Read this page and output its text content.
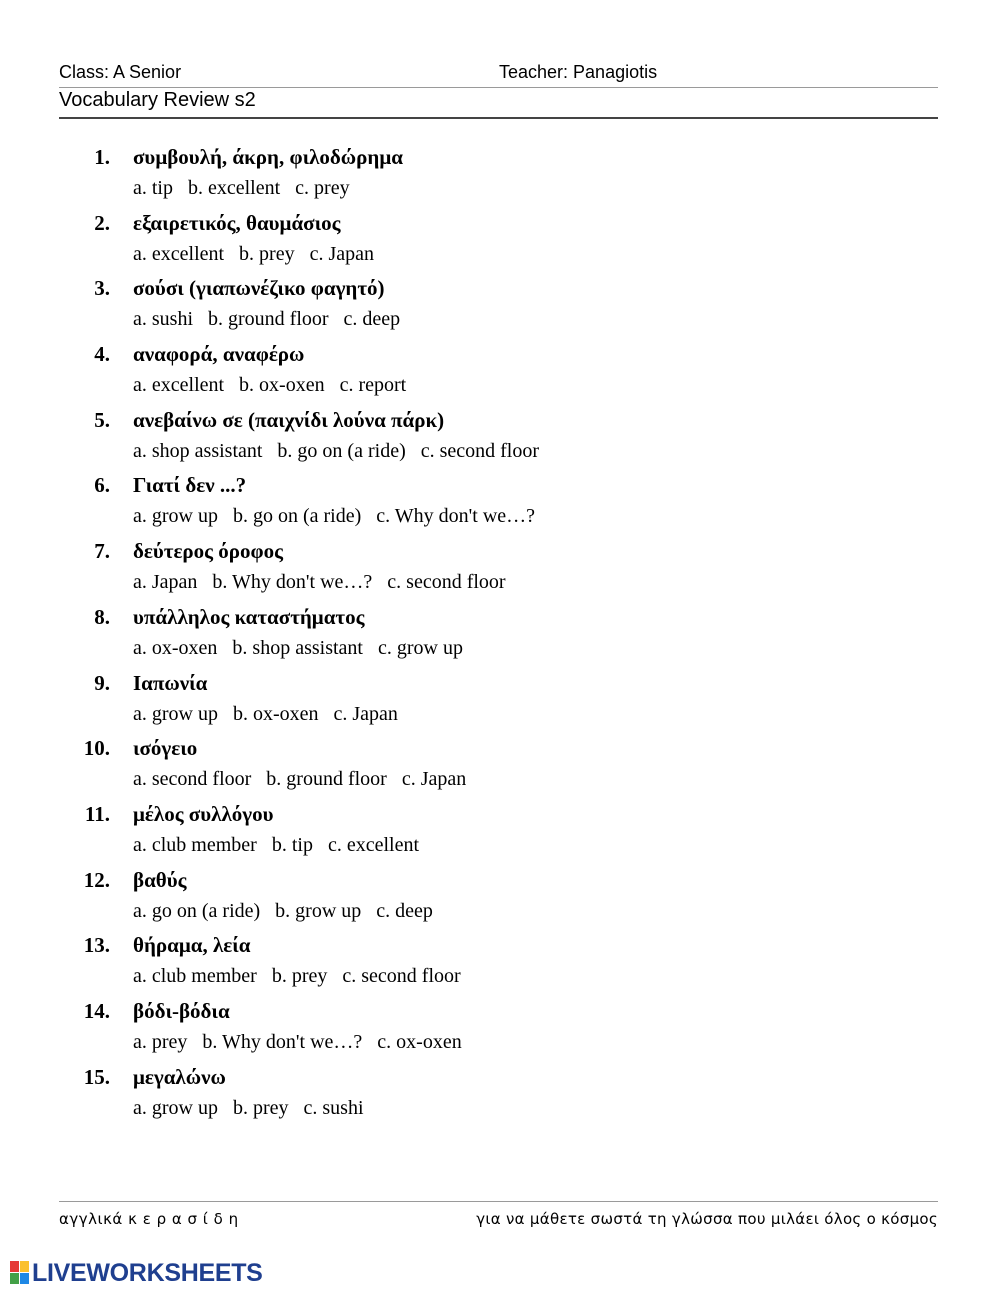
Class: A Senior	Teacher: Panagiotis
Vocabulary Review s2
1. συμβουλή, άκρη, φιλοδώρημα
a. tip   b. excellent   c. prey
2. εξαιρετικός, θαυμάσιος
a. excellent   b. prey   c. Japan
3. σούσι (γιαπωνέζικο φαγητό)
a. sushi   b. ground floor   c. deep
4. αναφορά, αναφέρω
a. excellent   b. ox-oxen   c. report
5. ανεβαίνω σε (παιχνίδι λούνα πάρκ)
a. shop assistant   b. go on (a ride)   c. second floor
6. Γιατί δεν ...?
a. grow up   b. go on (a ride)   c. Why don't we…?
7. δεύτερος όροφος
a. Japan   b. Why don't we…?   c. second floor
8. υπάλληλος καταστήματος
a. ox-oxen   b. shop assistant   c. grow up
9. Ιαπωνία
a. grow up   b. ox-oxen   c. Japan
10. ισόγειο
a. second floor   b. ground floor   c. Japan
11. μέλος συλλόγου
a. club member   b. tip   c. excellent
12. βαθύς
a. go on (a ride)   b. grow up   c. deep
13. θήραμα, λεία
a. club member   b. prey   c. second floor
14. βόδι-βόδια
a. prey   b. Why don't we…?   c. ox-oxen
15. μεγαλώνω
a. grow up   b. prey   c. sushi
αγγλικά κ ε ρ α σ ί δ η	για να μάθετε σωστά τη γλώσσα που μιλάει όλος ο κόσμος
LIVEWORKSHEETS
